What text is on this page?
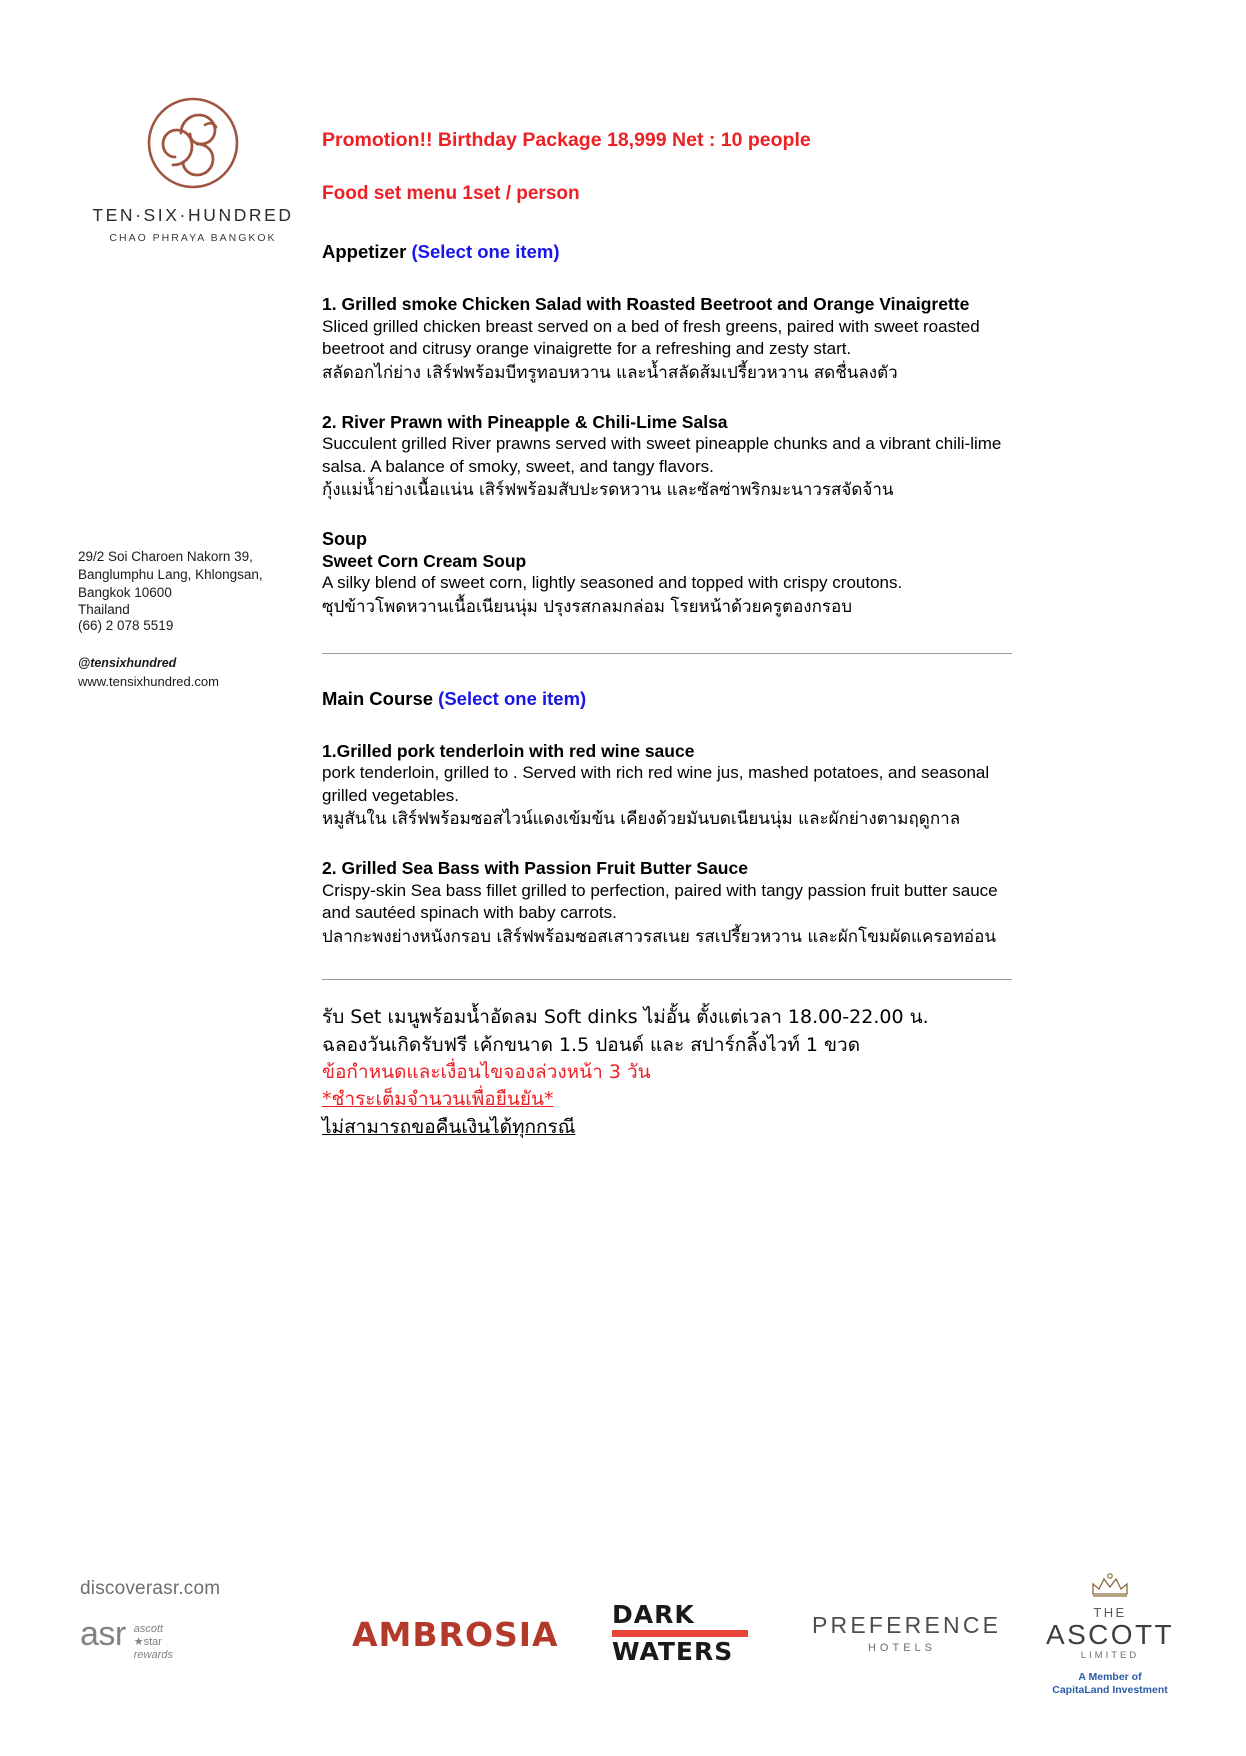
TEN·SIX·HUNDRED
CHAO PHRAYA BANGKOK
29/2 Soi Charoen Nakorn 39,
Banglumphu Lang, Khlongsan,
Bangkok 10600
Thailand
(66) 2 078 5519
@tensixhundred
www.tensixhundred.com
Promotion!! Birthday Package 18,999 Net : 10 people
Food set menu 1set / person
Appetizer (Select one item)

1. Grilled smoke Chicken Salad with Roasted Beetroot and Orange Vinaigrette

Sliced grilled chicken breast served on a bed of fresh greens, paired with sweet roasted beetroot and citrusy orange vinaigrette for a refreshing and zesty start.

สลัดอกไก่ย่าง เสิร์ฟพร้อมบีทรูทอบหวาน และน้ำสลัดส้มเปรี้ยวหวาน สดชื่นลงตัว

2. River Prawn with Pineapple & Chili-Lime Salsa

Succulent grilled River prawns served with sweet pineapple chunks and a vibrant chili-lime salsa. A balance of smoky, sweet, and tangy flavors.

กุ้งแม่น้ำย่างเนื้อแน่น เสิร์ฟพร้อมสับปะรดหวาน และซัลซ่าพริกมะนาวรสจัดจ้าน

Soup

Sweet Corn Cream Soup

A silky blend of sweet corn, lightly seasoned and topped with crispy croutons.

ซุปข้าวโพดหวานเนื้อเนียนนุ่ม ปรุงรสกลมกล่อม โรยหน้าด้วยครูตองกรอบ

Main Course (Select one item)

1.Grilled pork tenderloin with red wine sauce

pork tenderloin, grilled to . Served with rich red wine jus, mashed potatoes, and seasonal grilled vegetables.

หมูสันใน เสิร์ฟพร้อมซอสไวน์แดงเข้มข้น เคียงด้วยมันบดเนียนนุ่ม และผักย่างตามฤดูกาล

2. Grilled Sea Bass with Passion Fruit Butter Sauce

Crispy-skin Sea bass fillet grilled to perfection, paired with tangy passion fruit butter sauce and sautéed spinach with baby carrots.

ปลากะพงย่างหนังกรอบ เสิร์ฟพร้อมซอสเสาวรสเนย รสเปรี้ยวหวาน และผักโขมผัดแครอทอ่อน

รับ Set เมนูพร้อมน้ำอัดลม Soft dinks ไม่อั้น ตั้งแต่เวลา 18.00-22.00 น.

ฉลองวันเกิดรับฟรี เค้กขนาด 1.5 ปอนด์ และ สปาร์กลิ้งไวท์ 1 ขวด

ข้อกำหนดและเงื่อนไขจองล่วงหน้า 3 วัน

*ชำระเต็มจำนวนเพื่อยืนยัน*

ไม่สามารถขอคืนเงินได้ทุกกรณี

discoverasr.com
asr ascott
★star
rewards
AMBROSIA
DARK
WATERS
PREFERENCE
HOTELS
THE
ASCOTT
LIMITED
A Member of
CapitaLand Investment
